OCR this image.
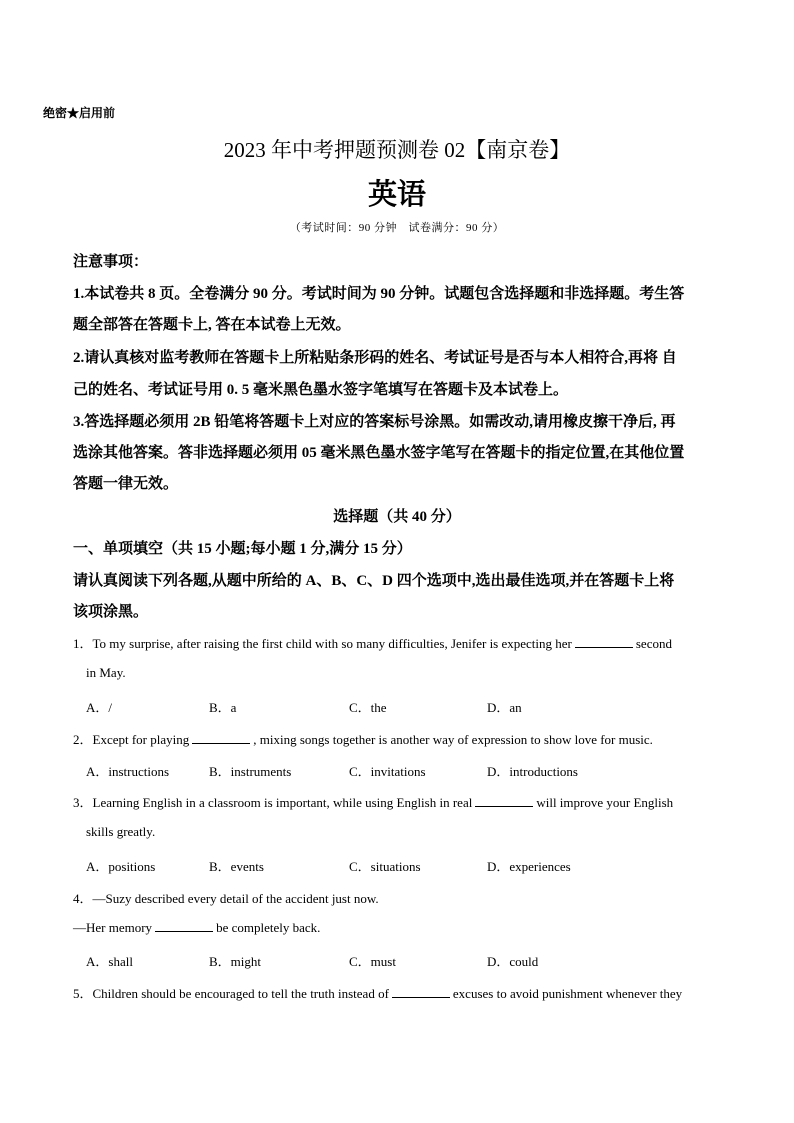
绝密★启用前
2023 年中考押题预测卷 02【南京卷】
英语
（考试时间：90 分钟　试卷满分：90 分）
注意事项：
1.本试卷共 8 页。全卷满分 90 分。考试时间为 90 分钟。试题包含选择题和非选择题。考生答
题全部答在答题卡上, 答在本试卷上无效。
2.请认真核对监考教师在答题卡上所粘贴条形码的姓名、考试证号是否与本人相符合,再将 自
己的姓名、考试证号用 0. 5 毫米黑色墨水签字笔填写在答题卡及本试卷上。
3.答选择题必须用 2B 铅笔将答题卡上对应的答案标号涂黑。如需改动,请用橡皮擦干净后, 再
选涂其他答案。答非选择题必须用 05 毫米黑色墨水签字笔写在答题卡的指定位置,在其他位置
答题一律无效。
选择题（共 40 分）
一、单项填空（共 15 小题;每小题 1 分,满分 15 分）
请认真阅读下列各题,从题中所给的 A、B、C、D 四个选项中,选出最佳选项,并在答题卡上将
该项涂黑。
1．To my surprise, after raising the first child with so many difficulties, Jenifer is expecting her	second
in May.
A．/	B．a	C．the	D．an
2．Except for playing	, mixing songs together is another way of expression to show love for music.
A．instructions	B．instruments	C．invitations	D．introductions
3．Learning English in a classroom is important, while using English in real	will improve your English
skills greatly.
A．positions	B．events	C．situations	D．experiences
4．—Suzy described every detail of the accident just now.
—Her memory	be completely back.
A．shall	B．might	C．must	D．could
5．Children should be encouraged to tell the truth instead of	excuses to avoid punishment whenever they
